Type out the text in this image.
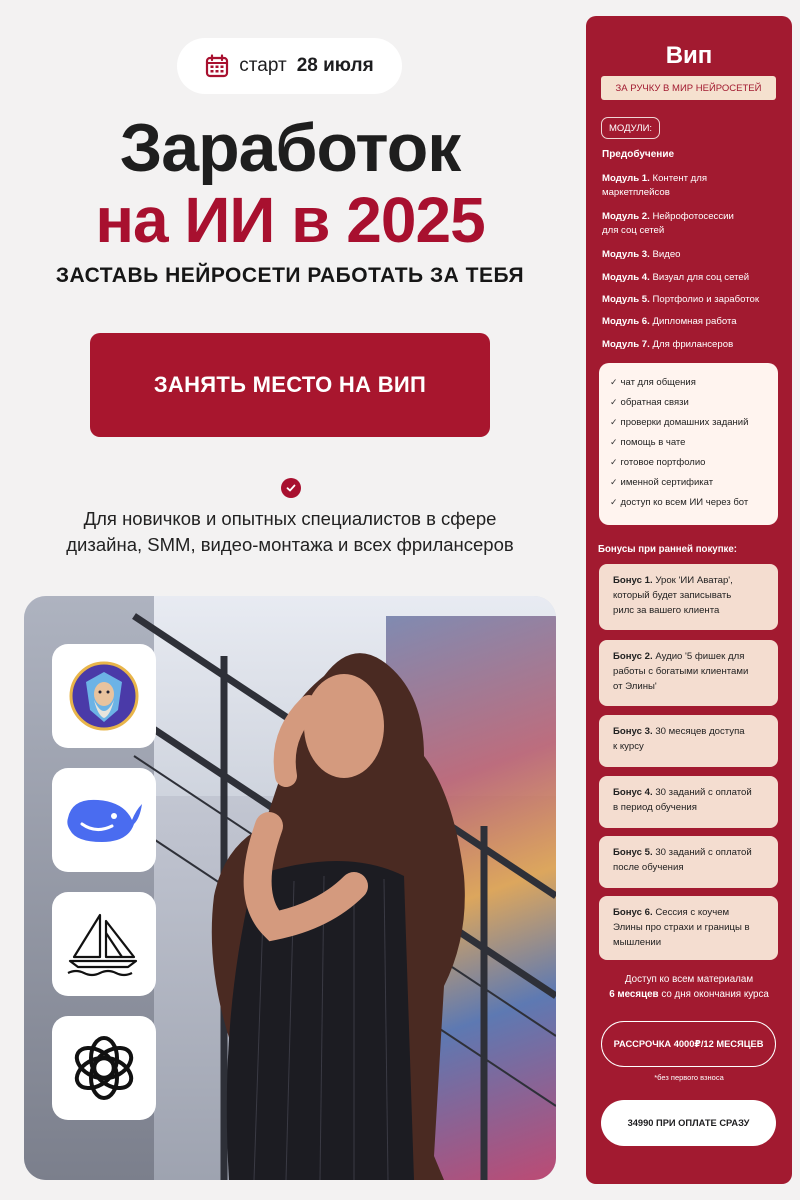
старт 28 июля
Заработок
на ИИ в 2025
ЗАСТАВЬ НЕЙРОСЕТИ РАБОТАТЬ ЗА ТЕБЯ
ЗАНЯТЬ МЕСТО НА ВИП
Для новичков и опытных специалистов в сфере
дизайна, SMM, видео-монтажа и всех фрилансеров
Вип
ЗА РУЧКУ В МИР НЕЙРОСЕТЕЙ
МОДУЛИ:
Предобучение
Модуль 1. Контент для
маркетплейсов
Модуль 2. Нейрофотосессии
для соц сетей
Модуль 3. Видео
Модуль 4. Визуал для соц сетей
Модуль 5. Портфолио и заработок
Модуль 6. Дипломная работа
Модуль 7. Для фрилансеров
✓ чат для общения
✓ обратная связи
✓ проверки домашних заданий
✓ помощь в чате
✓ готовое портфолио
✓ именной сертификат
✓ доступ ко всем ИИ через бот
Бонусы при ранней покупке:
Бонус 1. Урок 'ИИ Аватар',
который будет записывать
рилс за вашего клиента
Бонус 2. Аудио '5 фишек для
работы с богатыми клиентами
от Элины'
Бонус 3. 30 месяцев доступа
к курсу
Бонус 4. 30 заданий с оплатой
в период обучения
Бонус 5. 30 заданий с оплатой
после обучения
Бонус 6. Сессия с коучем
Элины про страхи и границы в
мышлении
Доступ ко всем материалам
6 месяцев со дня окончания курса
РАССРОЧКА 4000₽/12 МЕСЯЦЕВ
*без первого взноса
34990 ПРИ ОПЛАТЕ СРАЗУ
